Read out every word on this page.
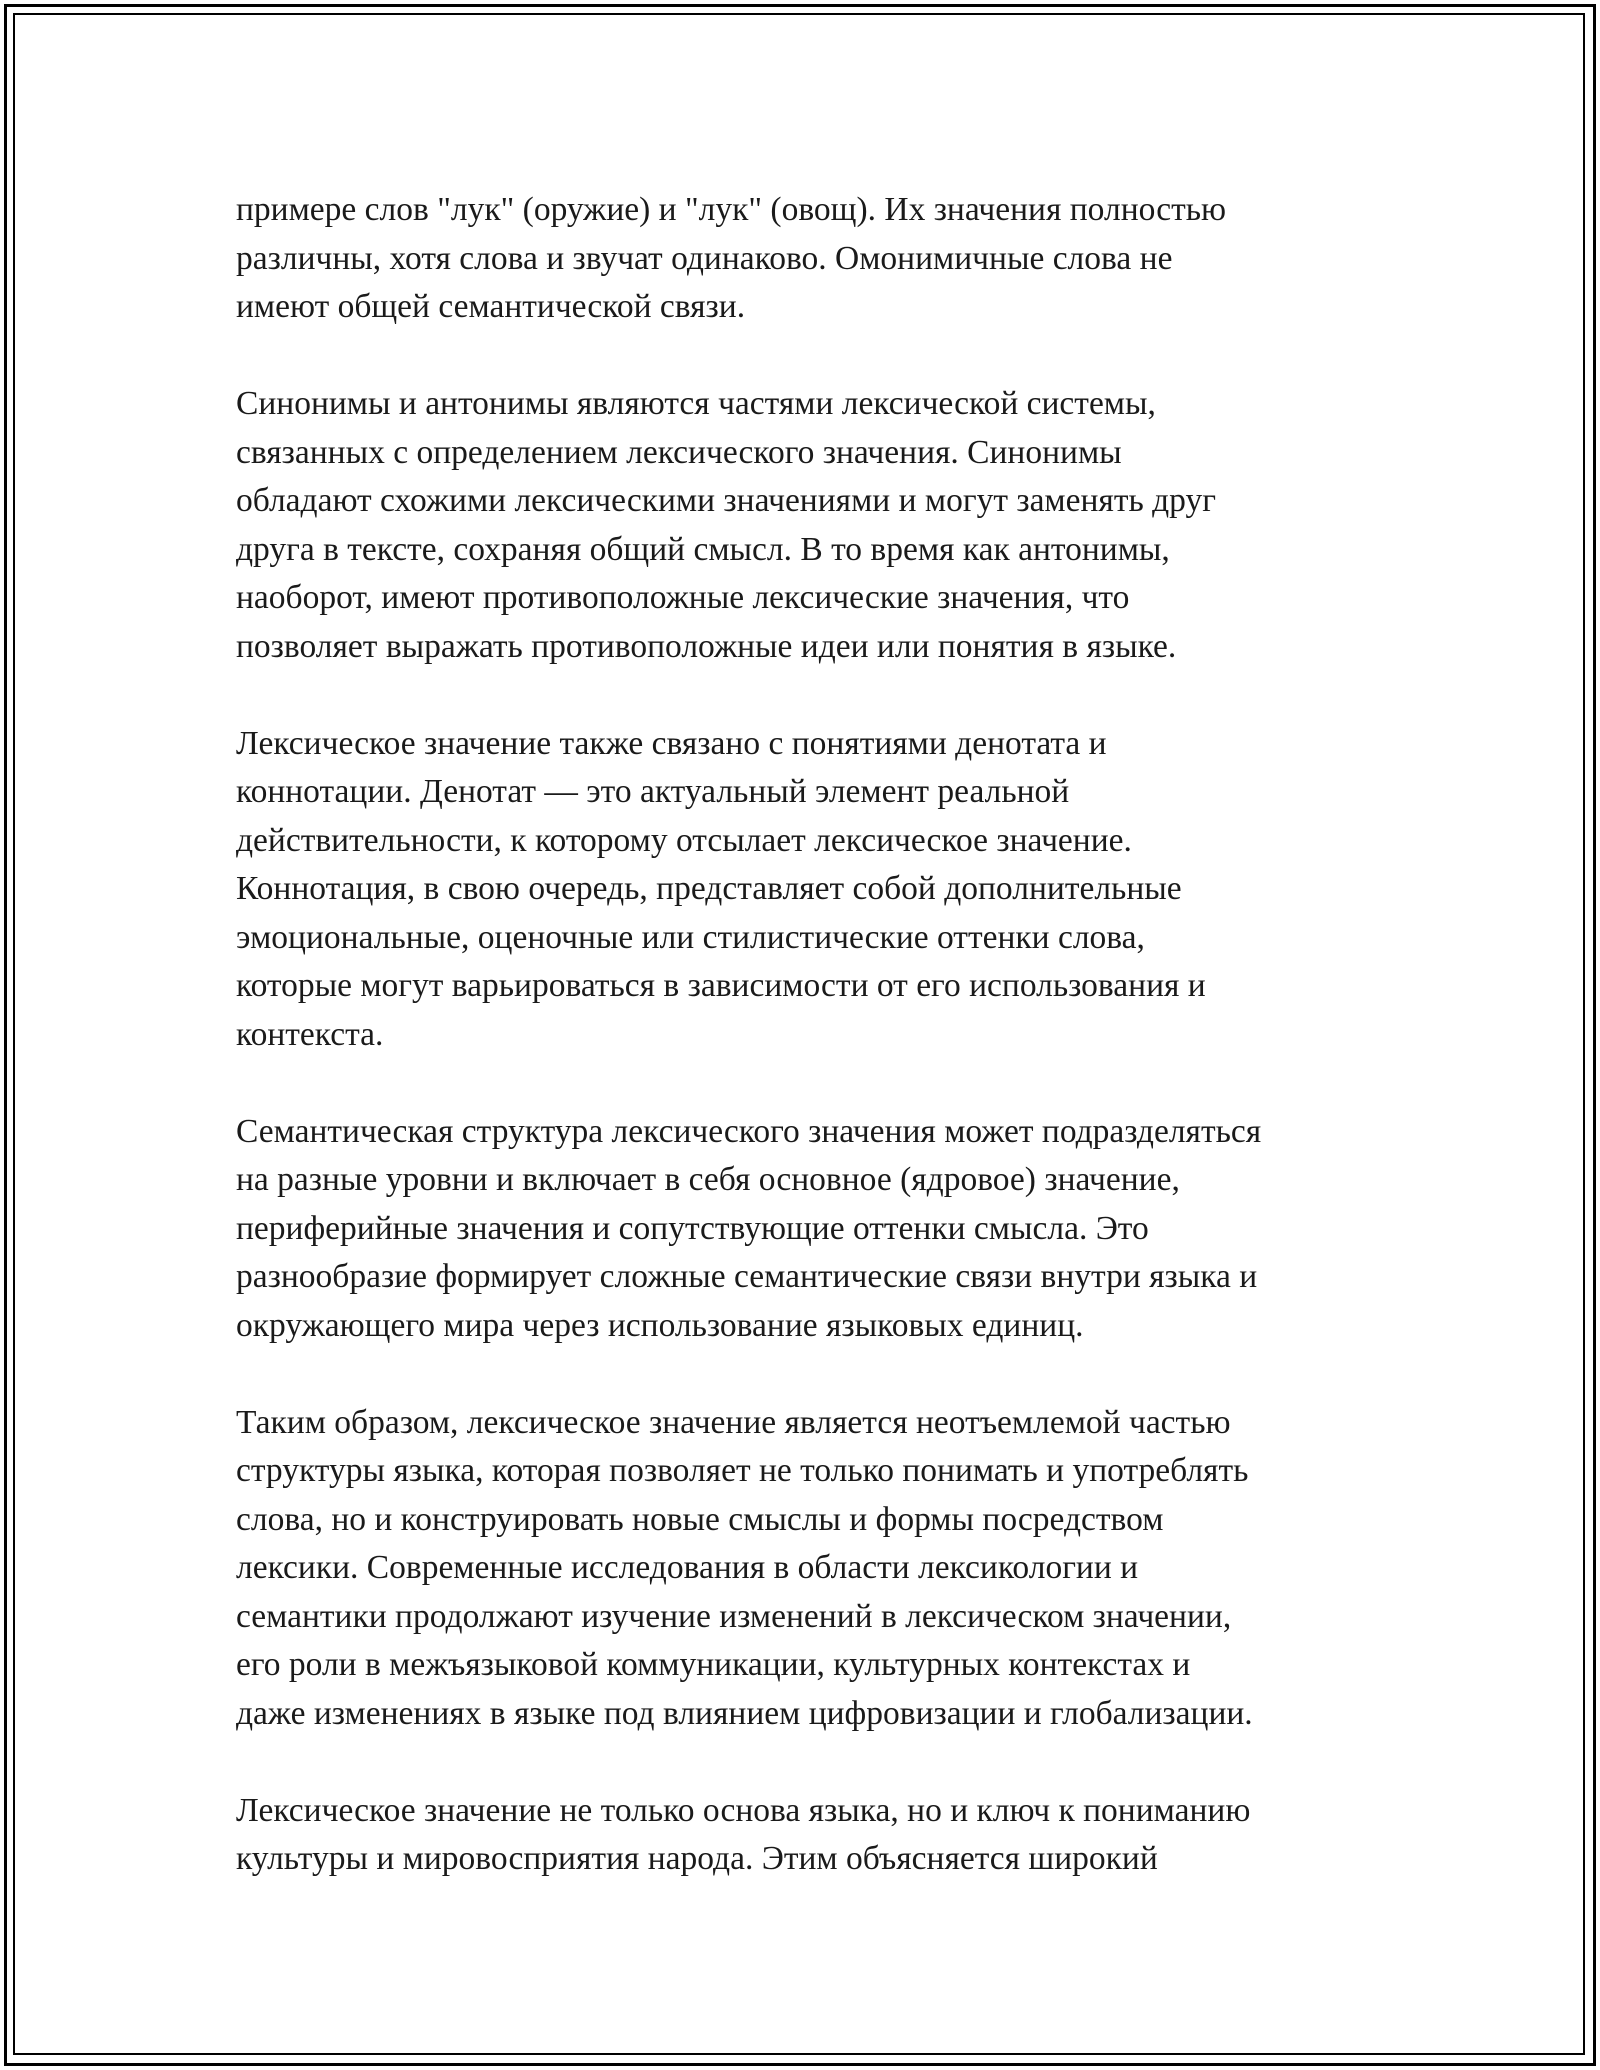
примере слов "лук" (оружие) и "лук" (овощ). Их значения полностью
различны, хотя слова и звучат одинаково. Омонимичные слова не
имеют общей семантической связи.

Синонимы и антонимы являются частями лексической системы,
связанных с определением лексического значения. Синонимы
обладают схожими лексическими значениями и могут заменять друг
друга в тексте, сохраняя общий смысл. В то время как антонимы,
наоборот, имеют противоположные лексические значения, что
позволяет выражать противоположные идеи или понятия в языке.

Лексическое значение также связано с понятиями денотата и
коннотации. Денотат — это актуальный элемент реальной
действительности, к которому отсылает лексическое значение.
Коннотация, в свою очередь, представляет собой дополнительные
эмоциональные, оценочные или стилистические оттенки слова,
которые могут варьироваться в зависимости от его использования и
контекста.

Семантическая структура лексического значения может подразделяться
на разные уровни и включает в себя основное (ядровое) значение,
периферийные значения и сопутствующие оттенки смысла. Это
разнообразие формирует сложные семантические связи внутри языка и
окружающего мира через использование языковых единиц.

Таким образом, лексическое значение является неотъемлемой частью
структуры языка, которая позволяет не только понимать и употреблять
слова, но и конструировать новые смыслы и формы посредством
лексики. Современные исследования в области лексикологии и
семантики продолжают изучение изменений в лексическом значении,
его роли в межъязыковой коммуникации, культурных контекстах и
даже изменениях в языке под влиянием цифровизации и глобализации.

Лексическое значение не только основа языка, но и ключ к пониманию
культуры и мировосприятия народа. Этим объясняется широкий
